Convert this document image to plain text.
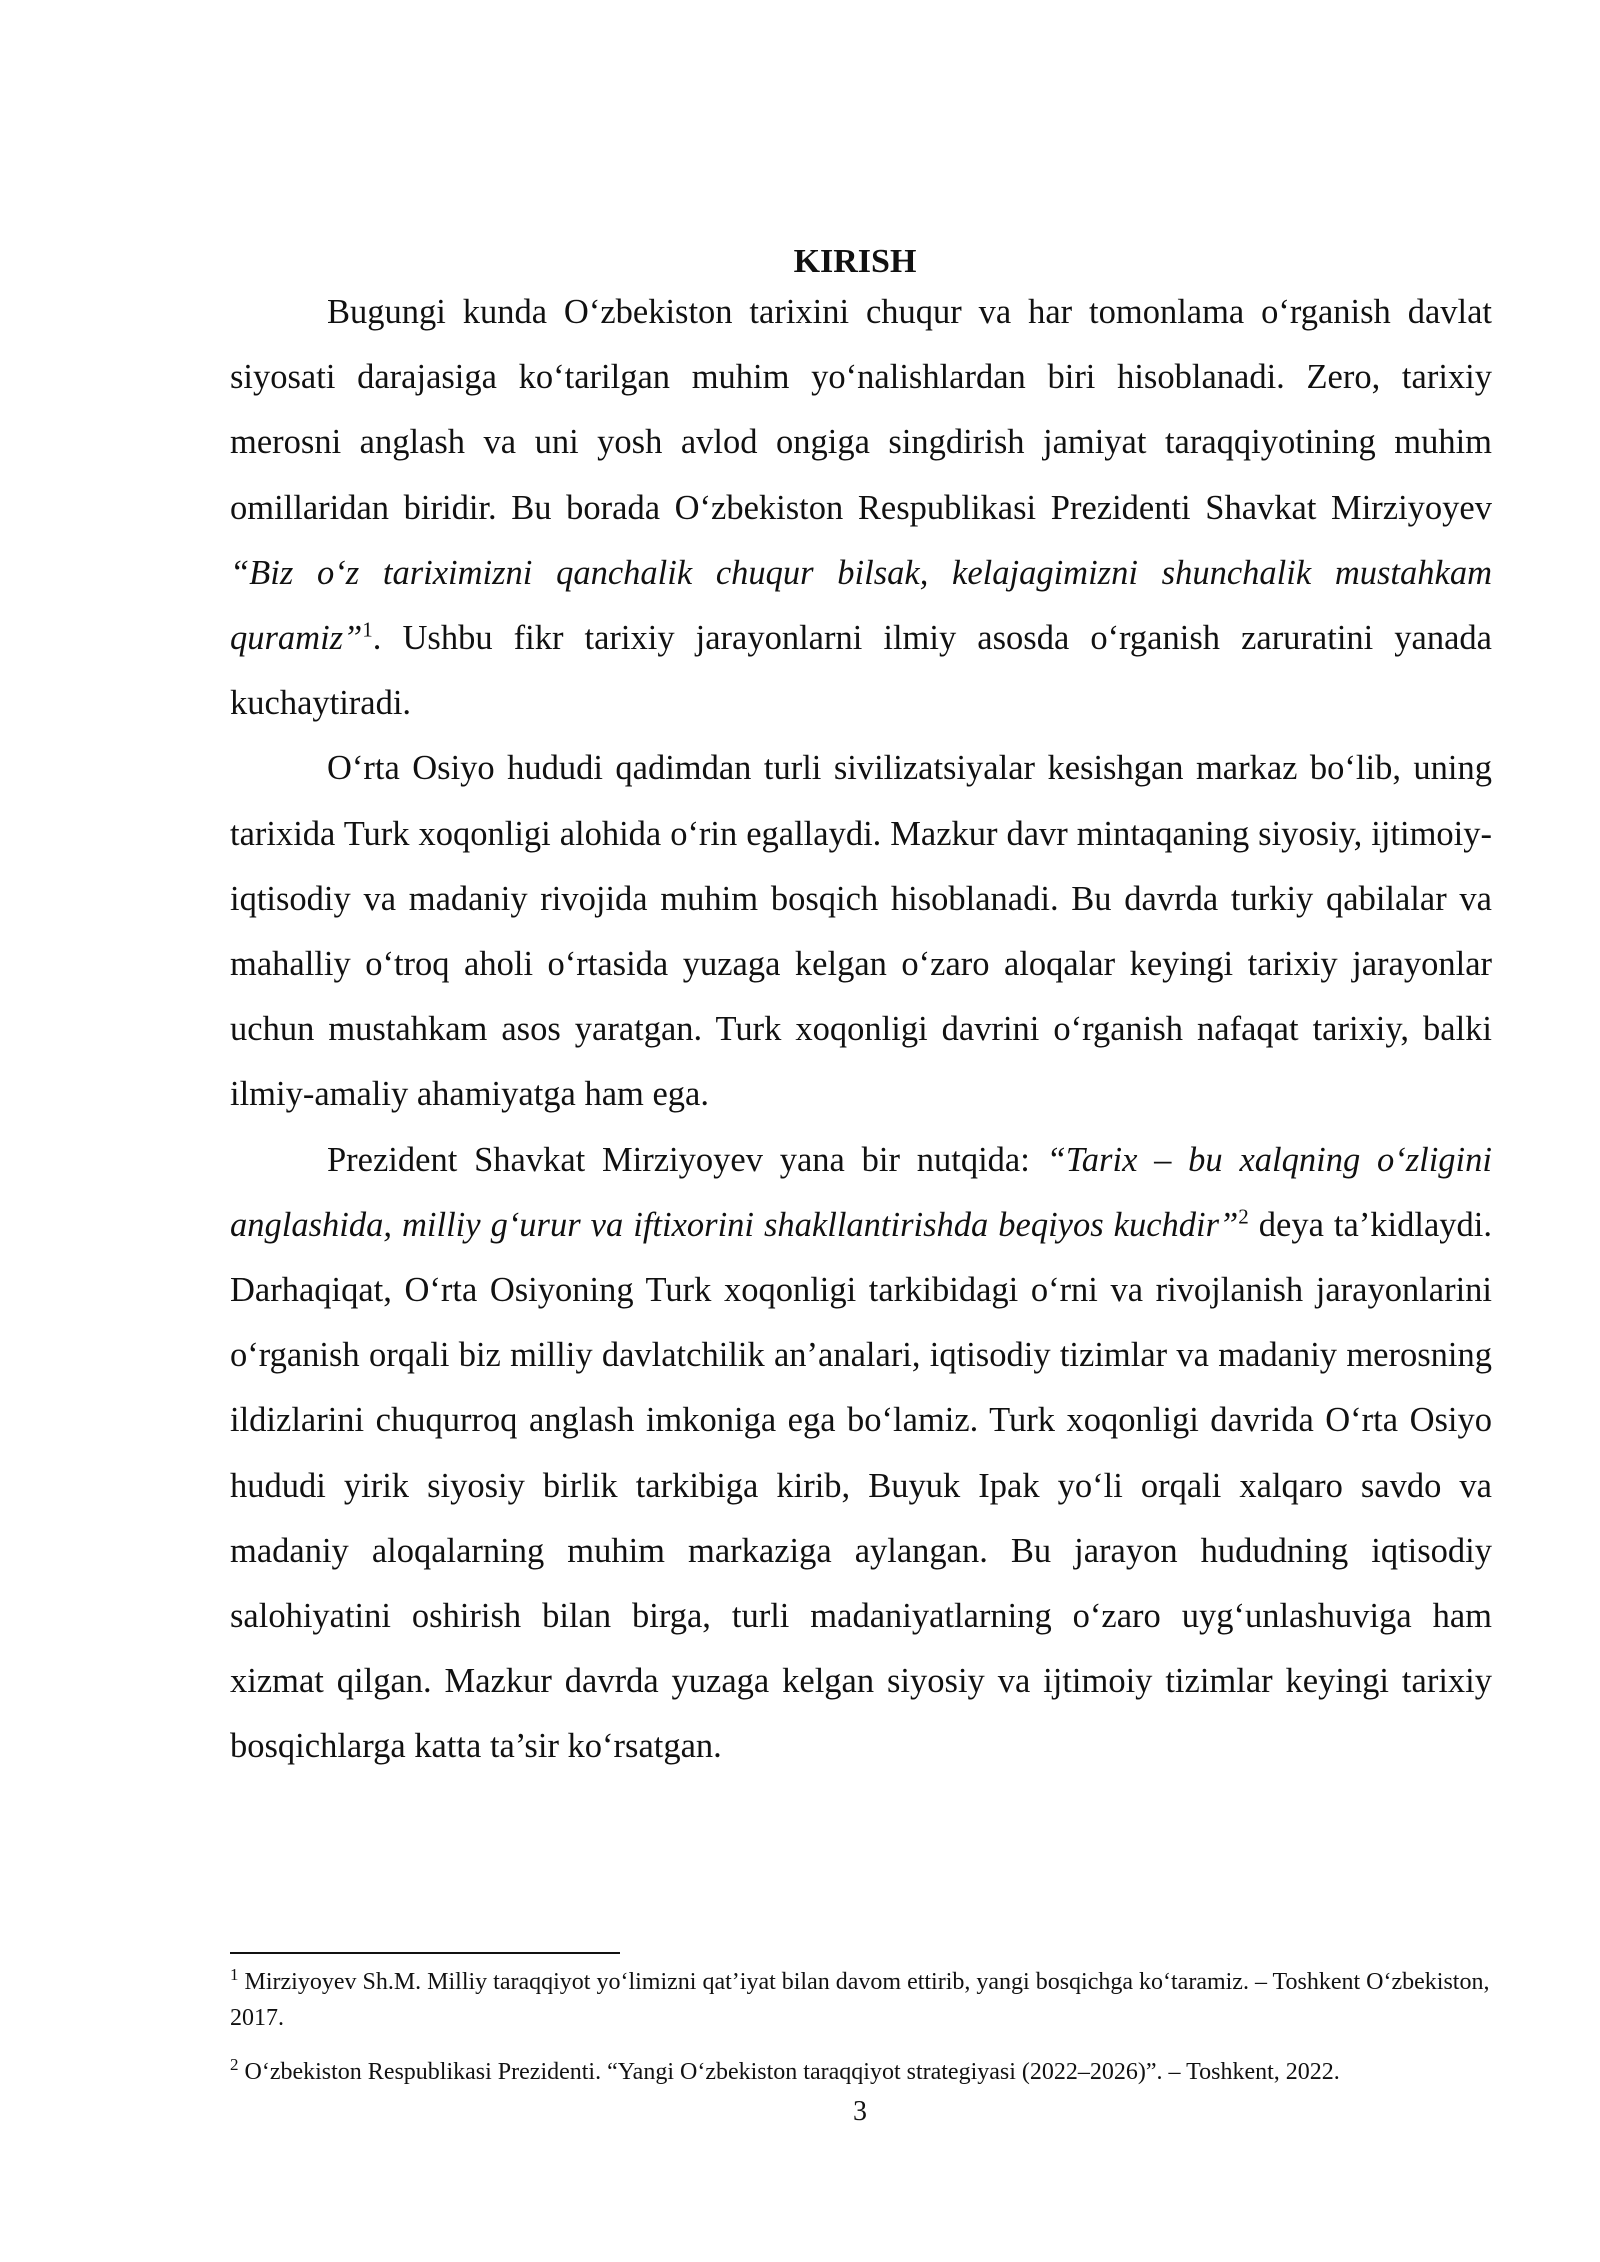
KIRISH

Bugungi kunda O‘zbekiston tarixini chuqur va har tomonlama o‘rganish davlat siyosati darajasiga ko‘tarilgan muhim yo‘nalishlardan biri hisoblanadi. Zero, tarixiy merosni anglash va uni yosh avlod ongiga singdirish jamiyat taraqqiyotining muhim omillaridan biridir. Bu borada O‘zbekiston Respublikasi Prezidenti Shavkat Mirziyoyev “Biz o‘z tariximizni qanchalik chuqur bilsak, kelajagimizni shunchalik mustahkam quramiz”$^1$. Ushbu fikr tarixiy jarayonlarni ilmiy asosda o‘rganish zaruratini yanada kuchaytiradi.

O‘rta Osiyo hududi qadimdan turli sivilizatsiyalar kesishgan markaz bo‘lib, uning tarixida Turk xoqonligi alohida o‘rin egallaydi. Mazkur davr mintaqaning siyosiy, ijtimoiy-iqtisodiy va madaniy rivojida muhim bosqich hisoblanadi. Bu davrda turkiy qabilalar va mahalliy o‘troq aholi o‘rtasida yuzaga kelgan o‘zaro aloqalar keyingi tarixiy jarayonlar uchun mustahkam asos yaratgan. Turk xoqonligi davrini o‘rganish nafaqat tarixiy, balki ilmiy-amaliy ahamiyatga ham ega.

Prezident Shavkat Mirziyoyev yana bir nutqida: “Tarix – bu xalqning o‘zligini anglashida, milliy g‘urur va iftixorini shakllantirishda beqiyos kuchdir”$^2$ deya ta’kidlaydi. Darhaqiqat, O‘rta Osiyoning Turk xoqonligi tarkibidagi o‘rni va rivojlanish jarayonlarini o‘rganish orqali biz milliy davlatchilik an’analari, iqtisodiy tizimlar va madaniy merosning ildizlarini chuqurroq anglash imkoniga ega bo‘lamiz. Turk xoqonligi davrida O‘rta Osiyo hududi yirik siyosiy birlik tarkibiga kirib, Buyuk Ipak yo‘li orqali xalqaro savdo va madaniy aloqalarning muhim markaziga aylangan. Bu jarayon hududning iqtisodiy salohiyatini oshirish bilan birga, turli madaniyatlarning o‘zaro uyg‘unlashuviga ham xizmat qilgan. Mazkur davrda yuzaga kelgan siyosiy va ijtimoiy tizimlar keyingi tarixiy bosqichlarga katta ta’sir ko‘rsatgan.

$^1$ Mirziyoyev Sh.M. Milliy taraqqiyot yo‘limizni qat’iyat bilan davom ettirib, yangi bosqichga ko‘taramiz. – Toshkent O‘zbekiston, 2017.

$^2$ O‘zbekiston Respublikasi Prezidenti. “Yangi O‘zbekiston taraqqiyot strategiyasi (2022–2026)”. – Toshkent, 2022.

3
